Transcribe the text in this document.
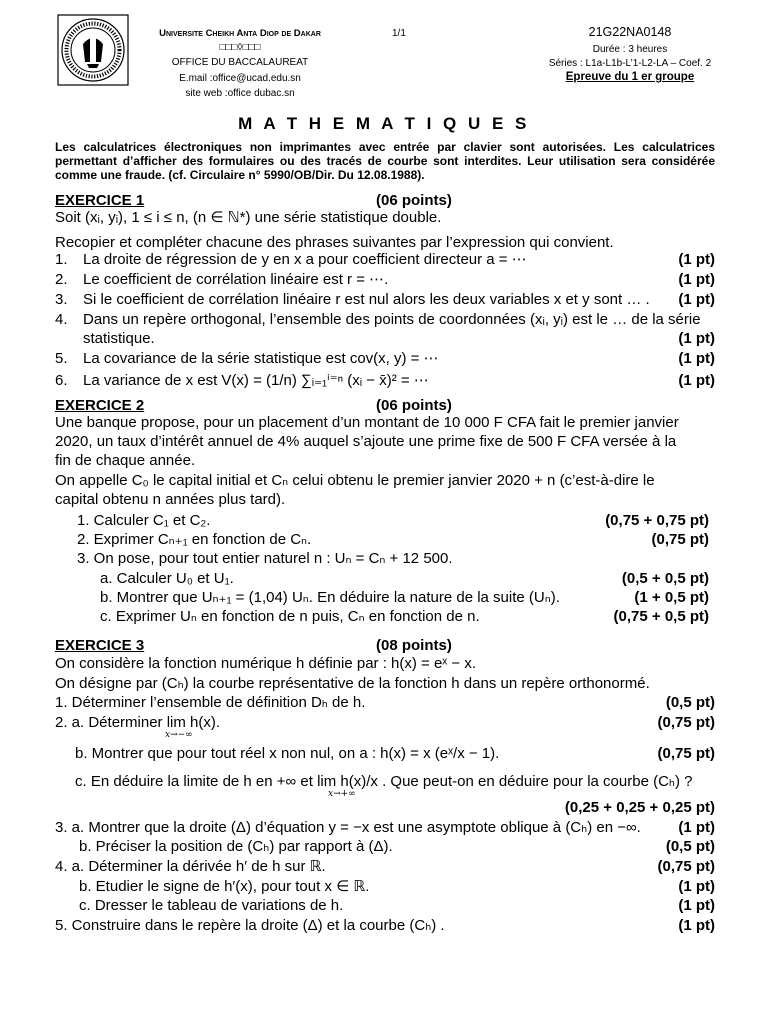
Universite Cheikh Anta Diop de Dakar
□□□◊□□□
OFFICE DU BACCALAUREAT
E.mail :office@ucad.edu.sn
site web :office dubac.sn
1/1	21G22NA0148
Durée : 3 heures
Séries : L1a-L1b-L’1-L2-LA – Coef. 2
Epreuve du 1 er groupe
M A T H E M A T I Q U E S
Les calculatrices électroniques non imprimantes avec entrée par clavier sont autorisées. Les calculatrices permettant d’afficher des formulaires ou des tracés de courbe sont interdites. Leur utilisation sera considérée comme une fraude. (cf. Circulaire n° 5990/OB/Dir. Du 12.08.1988).
EXERCICE 1	(06 points)
Soit (xᵢ, yᵢ), 1 ≤ i ≤ n, (n ∈ ℕ*) une série statistique double.
Recopier et compléter chacune des phrases suivantes par l’expression qui convient.
1. La droite de régression de y en x a pour coefficient directeur a = ⋯	(1 pt)
2. Le coefficient de corrélation linéaire est r = ⋯.	(1 pt)
3. Si le coefficient de corrélation linéaire r est nul alors les deux variables x et y sont … . (1 pt)
4. Dans un repère orthogonal, l’ensemble des points de coordonnées (xᵢ, yᵢ) est le … de la série
statistique.	(1 pt)
5. La covariance de la série statistique est cov(x, y) = ⋯	(1 pt)
6. La variance de x est V(x) = (1/n) ∑ᵢ₌₁ⁱ⁼ⁿ (xᵢ − x̄)² = ⋯	(1 pt)
EXERCICE 2	(06 points)
Une banque propose, pour un placement d’un montant de 10 000 F CFA fait le premier janvier
2020, un taux d’intérêt annuel de 4% auquel s’ajoute une prime fixe de 500 F CFA versée à la
fin de chaque année.
On appelle C₀ le capital initial et Cₙ celui obtenu le premier janvier 2020 + n (c’est-à-dire le
capital obtenu n années plus tard).
1. Calculer C₁ et C₂.	(0,75 + 0,75 pt)
2. Exprimer Cₙ₊₁ en fonction de Cₙ.	(0,75 pt)
3. On pose, pour tout entier naturel n : Uₙ = Cₙ + 12 500.
a. Calculer U₀ et U₁.	(0,5 + 0,5 pt)
b. Montrer que Uₙ₊₁ = (1,04) Uₙ. En déduire la nature de la suite (Uₙ).	(1 + 0,5 pt)
c. Exprimer Uₙ en fonction de n puis, Cₙ en fonction de n.	(0,75 + 0,5 pt)
EXERCICE 3	(08 points)
On considère la fonction numérique h définie par : h(x) = eˣ − x.
On désigne par (Cₕ) la courbe représentative de la fonction h dans un repère orthonormé.
1. Déterminer l’ensemble de définition Dₕ de h.	(0,5 pt)
2. a. Déterminer lim h(x).	(0,75 pt)
x→−∞
b. Montrer que pour tout réel x non nul, on a : h(x) = x (eˣ/x − 1).	(0,75 pt)
c. En déduire la limite de h en +∞ et lim h(x)/x . Que peut-on en déduire pour la courbe (Cₕ) ?
x→+∞
(0,25 + 0,25 + 0,25 pt)
3. a. Montrer que la droite (Δ) d’équation y = −x est une asymptote oblique à (Cₕ) en −∞. (1 pt)
b. Préciser la position de (Cₕ) par rapport à (Δ).	(0,5 pt)
4. a. Déterminer la dérivée h′ de h sur ℝ.	(0,75 pt)
b. Etudier le signe de h′(x), pour tout x ∈ ℝ.	(1 pt)
c. Dresser le tableau de variations de h.	(1 pt)
5. Construire dans le repère la droite (Δ) et la courbe (Cₕ) .	(1 pt)
